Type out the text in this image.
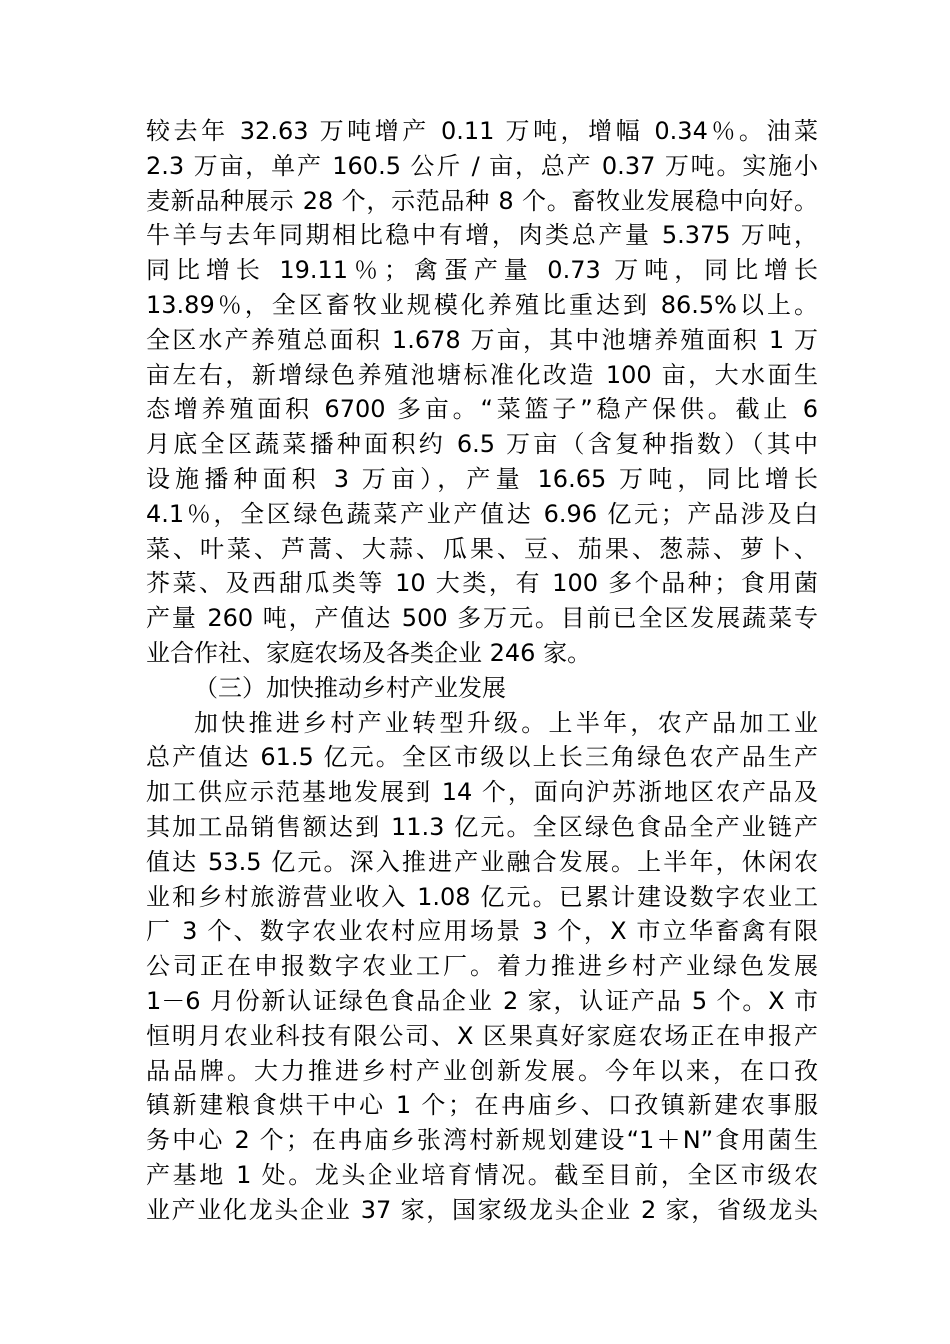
较去年 32.63 万吨增产 0.11 万吨，增幅 0.34％。油菜
2.3 万亩，单产 160.5 公斤 / 亩，总产 0.37 万吨。实施小
麦新品种展示 28 个，示范品种 8 个。畜牧业发展稳中向好。
牛羊与去年同期相比稳中有增，肉类总产量 5.375 万吨，
同比增长 19.11％；禽蛋产量 0.73 万吨，同比增长
13.89％，全区畜牧业规模化养殖比重达到 86.5%以上。
全区水产养殖总面积 1.678 万亩，其中池塘养殖面积 1 万
亩左右，新增绿色养殖池塘标准化改造 100 亩，大水面生
态增养殖面积 6700 多亩。“菜篮子”稳产保供。截止 6
月底全区蔬菜播种面积约 6.5 万亩（含复种指数）（其中
设施播种面积 3 万亩），产量 16.65 万吨，同比增长
4.1％，全区绿色蔬菜产业产值达 6.96 亿元；产品涉及白
菜、叶菜、芦蒿、大蒜、瓜果、豆、茄果、葱蒜、萝卜、
芥菜、及西甜瓜类等 10 大类，有 100 多个品种；食用菌
产量 260 吨，产值达 500 多万元。目前已全区发展蔬菜专
业合作社、家庭农场及各类企业 246 家。
（三）加快推动乡村产业发展
加快推进乡村产业转型升级。上半年，农产品加工业
总产值达 61.5 亿元。全区市级以上长三角绿色农产品生产
加工供应示范基地发展到 14 个，面向沪苏浙地区农产品及
其加工品销售额达到 11.3 亿元。全区绿色食品全产业链产
值达 53.5 亿元。深入推进产业融合发展。上半年，休闲农
业和乡村旅游营业收入 1.08 亿元。已累计建设数字农业工
厂 3 个、数字农业农村应用场景 3 个，X 市立华畜禽有限
公司正在申报数字农业工厂。着力推进乡村产业绿色发展
1－6 月份新认证绿色食品企业 2 家，认证产品 5 个。X 市
恒明月农业科技有限公司、X 区果真好家庭农场正在申报产
品品牌。大力推进乡村产业创新发展。今年以来，在口孜
镇新建粮食烘干中心 1 个；在冉庙乡、口孜镇新建农事服
务中心 2 个；在冉庙乡张湾村新规划建设“1＋N”食用菌生
产基地 1 处。龙头企业培育情况。截至目前，全区市级农
业产业化龙头企业 37 家，国家级龙头企业 2 家，省级龙头
